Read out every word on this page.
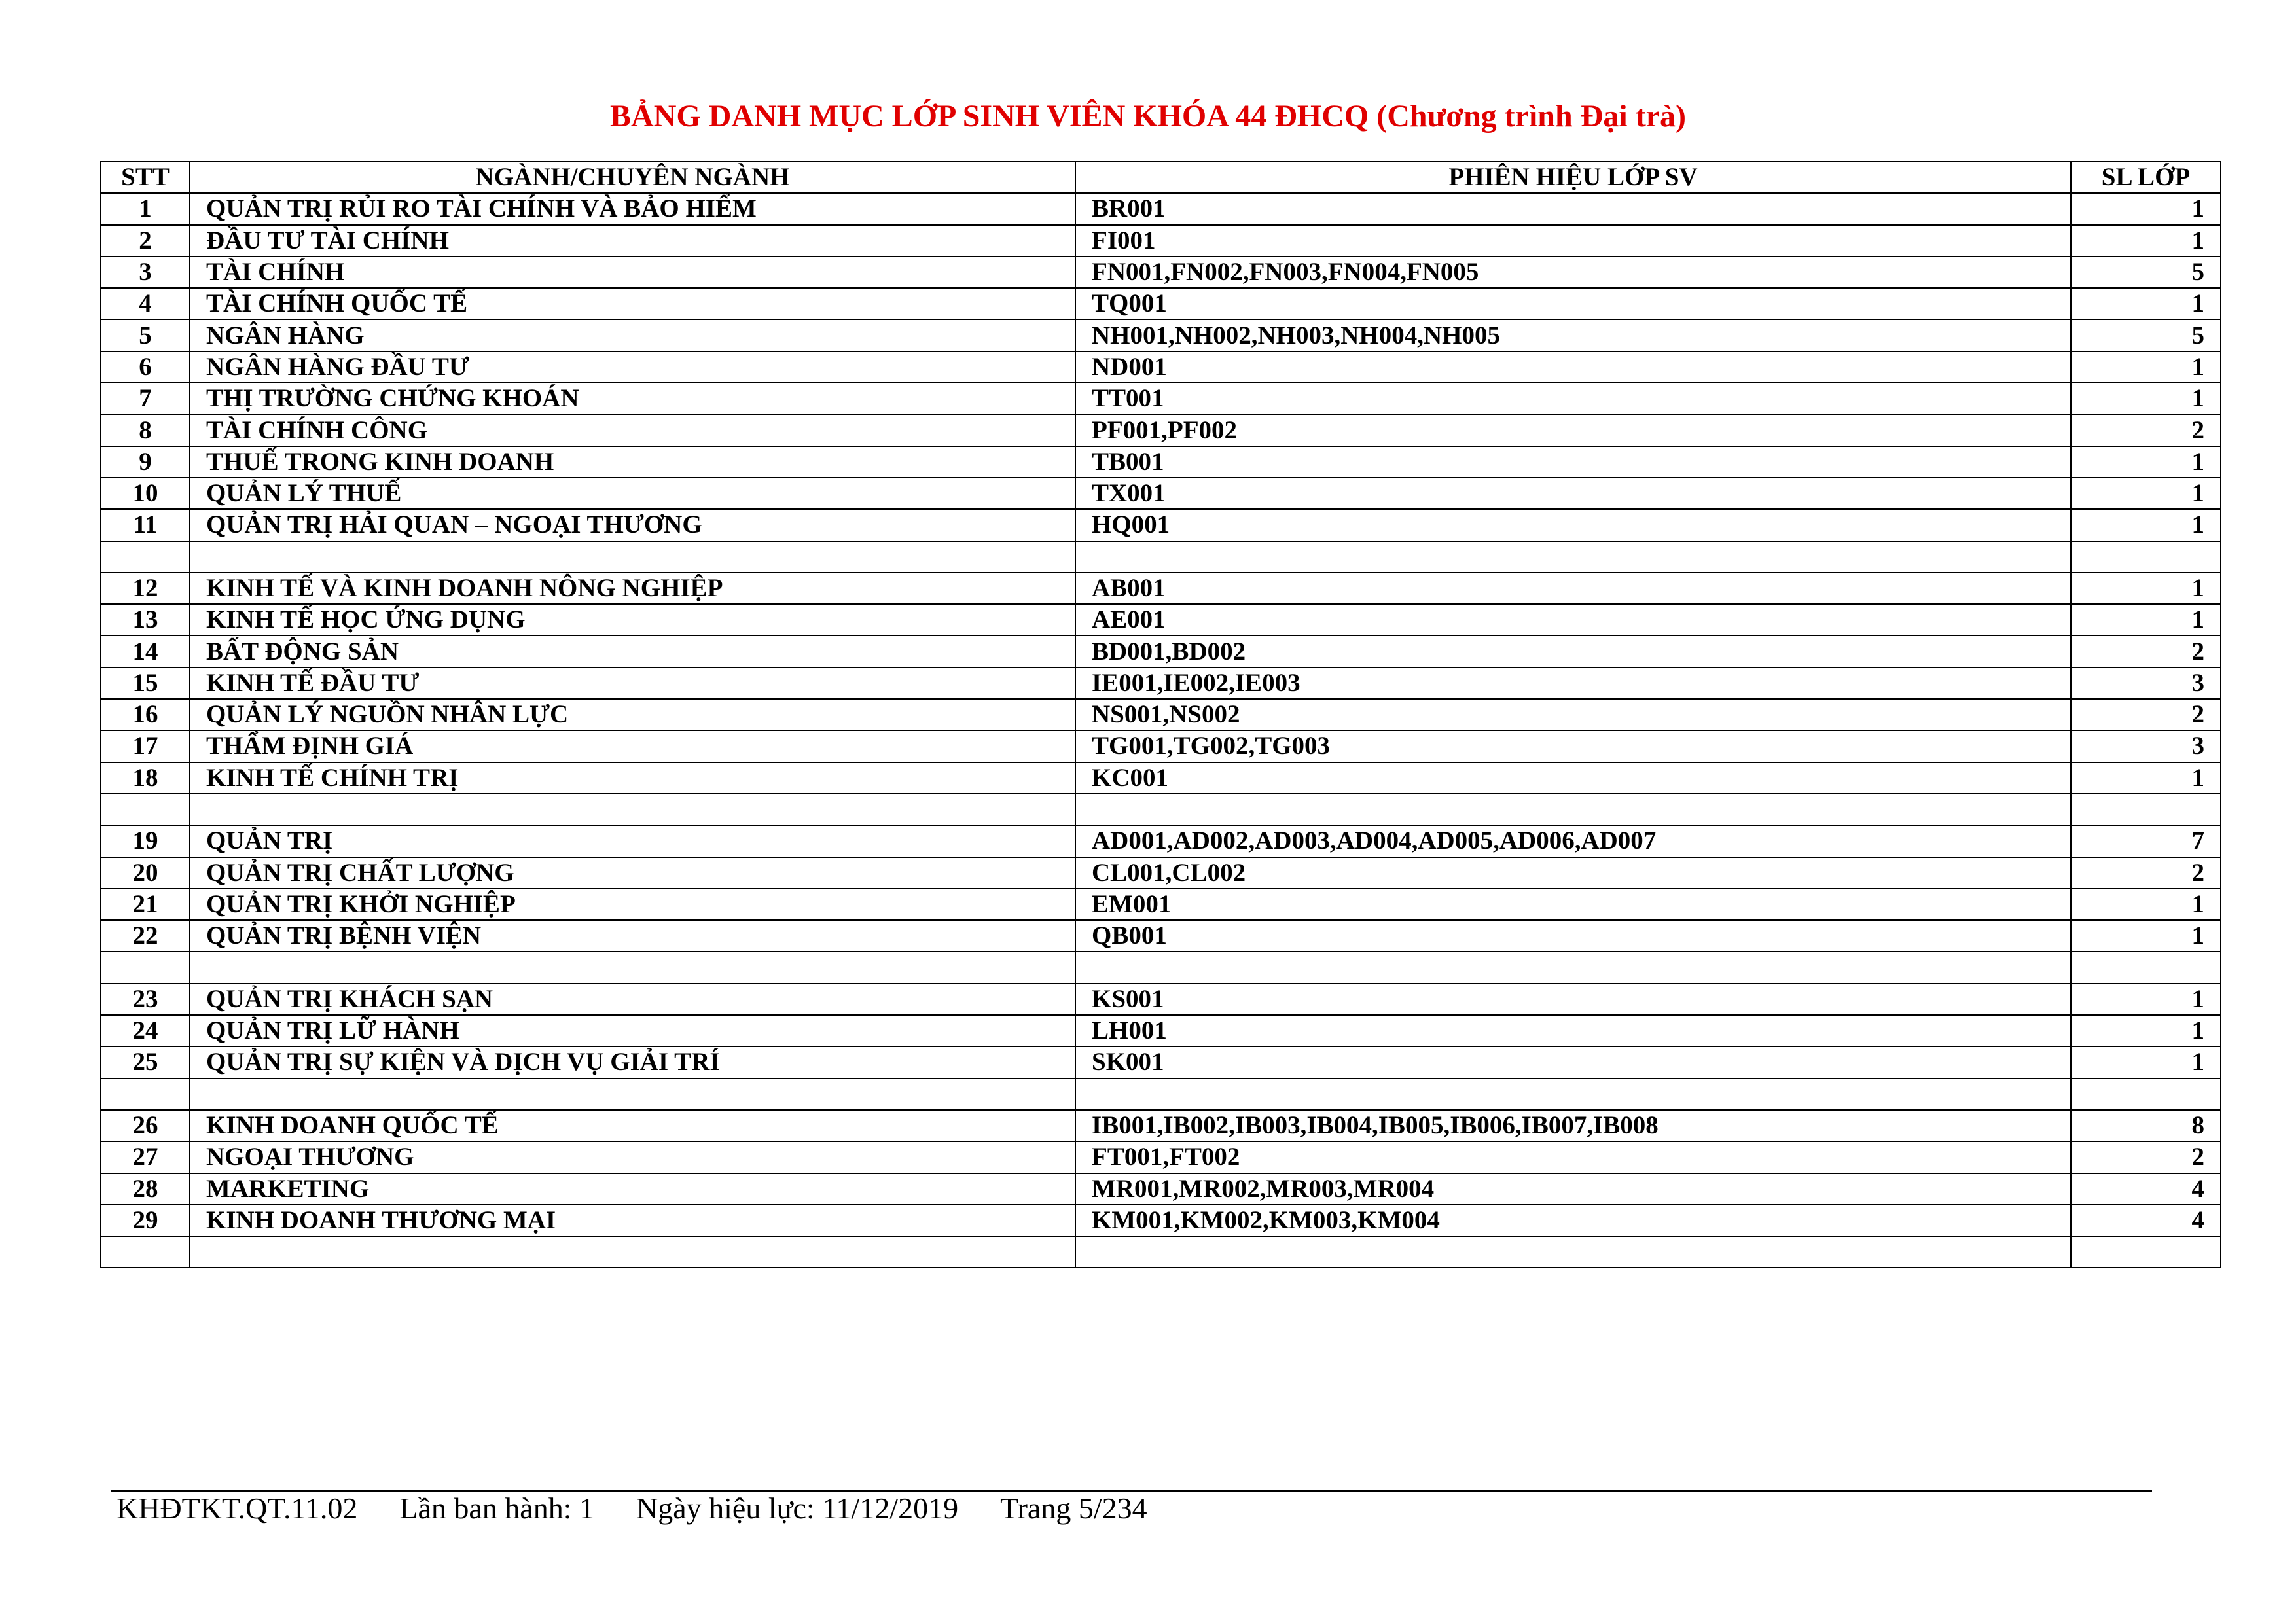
BẢNG DANH MỤC LỚP SINH VIÊN KHÓA 44 ĐHCQ (Chương trình Đại trà)
STT	NGÀNH/CHUYÊN NGÀNH	PHIÊN HIỆU LỚP SV	SL LỚP
1	QUẢN TRỊ RỦI RO TÀI CHÍNH VÀ BẢO HIỂM	BR001	1
2	ĐẦU TƯ TÀI CHÍNH	FI001	1
3	TÀI CHÍNH	FN001,FN002,FN003,FN004,FN005	5
4	TÀI CHÍNH QUỐC TẾ	TQ001	1
5	NGÂN HÀNG	NH001,NH002,NH003,NH004,NH005	5
6	NGÂN HÀNG ĐẦU TƯ	ND001	1
7	THỊ TRƯỜNG CHỨNG KHOÁN	TT001	1
8	TÀI CHÍNH CÔNG	PF001,PF002	2
9	THUẾ TRONG KINH DOANH	TB001	1
10	QUẢN LÝ THUẾ	TX001	1
11	QUẢN TRỊ HẢI QUAN – NGOẠI THƯƠNG	HQ001	1

12	KINH TẾ VÀ KINH DOANH NÔNG NGHIỆP	AB001	1
13	KINH TẾ HỌC ỨNG DỤNG	AE001	1
14	BẤT ĐỘNG SẢN	BD001,BD002	2
15	KINH TẾ ĐẦU TƯ	IE001,IE002,IE003	3
16	QUẢN LÝ NGUỒN NHÂN LỰC	NS001,NS002	2
17	THẨM ĐỊNH GIÁ	TG001,TG002,TG003	3
18	KINH TẾ CHÍNH TRỊ	KC001	1

19	QUẢN TRỊ	AD001,AD002,AD003,AD004,AD005,AD006,AD007	7
20	QUẢN TRỊ CHẤT LƯỢNG	CL001,CL002	2
21	QUẢN TRỊ KHỞI NGHIỆP	EM001	1
22	QUẢN TRỊ BỆNH VIỆN	QB001	1

23	QUẢN TRỊ KHÁCH SẠN	KS001	1
24	QUẢN TRỊ LỮ HÀNH	LH001	1
25	QUẢN TRỊ SỰ KIỆN VÀ DỊCH VỤ GIẢI TRÍ	SK001	1

26	KINH DOANH QUỐC TẾ	IB001,IB002,IB003,IB004,IB005,IB006,IB007,IB008	8
27	NGOẠI THƯƠNG	FT001,FT002	2
28	MARKETING	MR001,MR002,MR003,MR004	4
29	KINH DOANH THƯƠNG MẠI	KM001,KM002,KM003,KM004	4

KHĐTKT.QT.11.02 Lần ban hành: 1 Ngày hiệu lực: 11/12/2019 Trang 5/234
